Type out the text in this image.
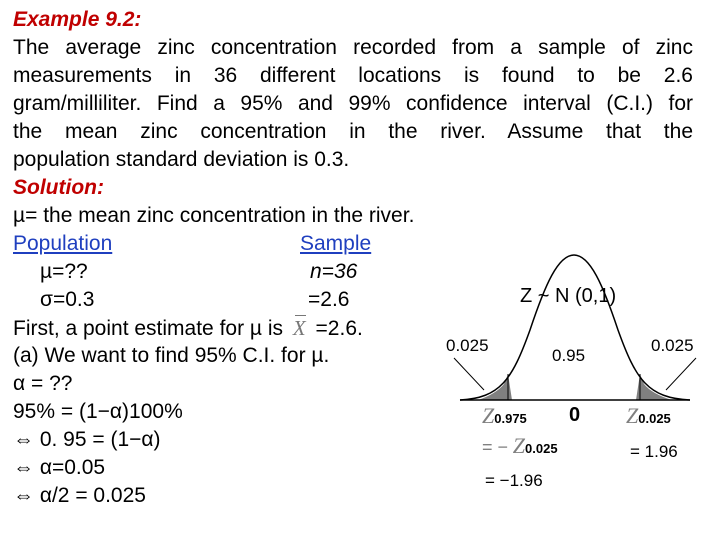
Example 9.2:
The average zinc concentration recorded from a sample of zinc
measurements in 36 different locations is found to be 2.6
gram/milliliter. Find a 95% and 99% confidence interval (C.I.) for
the mean zinc concentration in the river. Assume that the
population standard deviation is 0.3.
Solution:
µ= the mean zinc concentration in the river.
Population	Sample
µ=??	n=36
σ=0.3	=2.6
First, a point estimate for µ is X =2.6.
(a) We want to find 95% C.I. for µ.
α = ??
95% = (1−α)100%
⇔ 0. 95 = (1−α)
⇔ α=0.05
⇔ α/2 = 0.025
Z ~ N (0,1)
0.025
0.95
0.025
Z0.975 0 Z0.025
= − Z0.025	= 1.96
= −1.96
